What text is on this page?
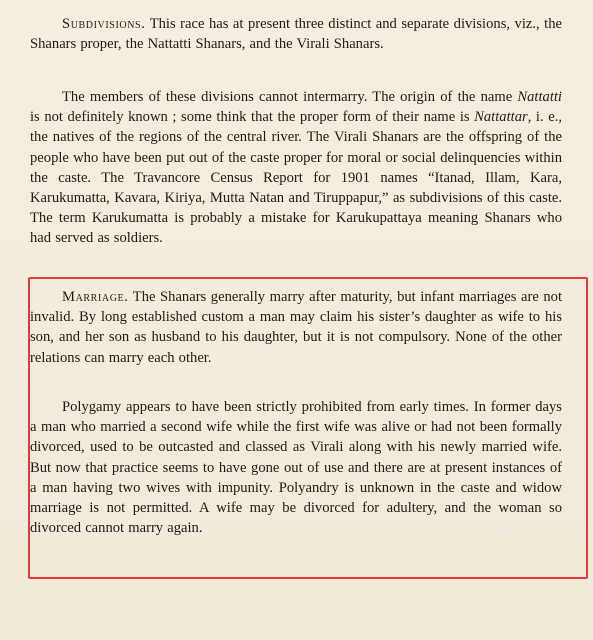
Subdivisions. This race has at present three distinct and separate divisions, viz., the Shanars proper, the Nattatti Shanars, and the Virali Shanars.

The members of these divisions cannot intermarry. The origin of the name Nattatti is not definitely known ; some think that the proper form of their name is Nattattar, i. e., the natives of the regions of the central river. The Virali Shanars are the offspring of the people who have been put out of the caste proper for moral or social delinquencies within the caste. The Travancore Census Report for 1901 names “Itanad, Illam, Kara, Karukumatta, Kavara, Kiriya, Mutta Natan and Tiruppapur,” as subdivisions of this caste. The term Karukumatta is probably a mistake for Karukupattaya meaning Shanars who had served as soldiers.

Marriage. The Shanars generally marry after maturity, but infant marriages are not invalid. By long established custom a man may claim his sister’s daughter as wife to his son, and her son as husband to his daughter, but it is not compulsory. None of the other relations can marry each other.

Polygamy appears to have been strictly prohibited from early times. In former days a man who married a second wife while the first wife was alive or had not been formally divorced, used to be outcasted and classed as Virali along with his newly married wife. But now that practice seems to have gone out of use and there are at present instances of a man having two wives with impunity. Polyandry is unknown in the caste and widow marriage is not permitted. A wife may be divorced for adultery, and the woman so divorced cannot marry again.
